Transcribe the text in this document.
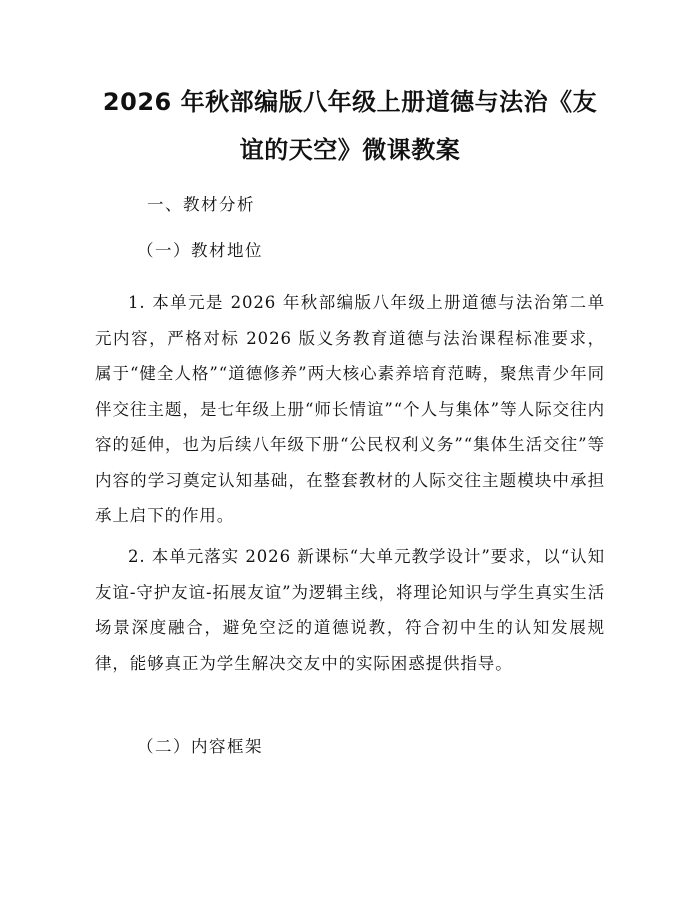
2026 年秋部编版八年级上册道德与法治《友
谊的天空》微课教案
一、教材分析
（一）教材地位

1. 本单元是 2026 年秋部编版八年级上册道德与法治第二单元内容，严格对标 2026 版义务教育道德与法治课程标准要求，属于“健全人格”“道德修养”两大核心素养培育范畴，聚焦青少年同伴交往主题，是七年级上册“师长情谊”“个人与集体”等人际交往内容的延伸，也为后续八年级下册“公民权利义务”“集体生活交往”等内容的学习奠定认知基础，在整套教材的人际交往主题模块中承担承上启下的作用。

2. 本单元落实 2026 新课标“大单元教学设计”要求，以“认知友谊-守护友谊-拓展友谊”为逻辑主线，将理论知识与学生真实生活场景深度融合，避免空泛的道德说教，符合初中生的认知发展规律，能够真正为学生解决交友中的实际困惑提供指导。

（二）内容框架
